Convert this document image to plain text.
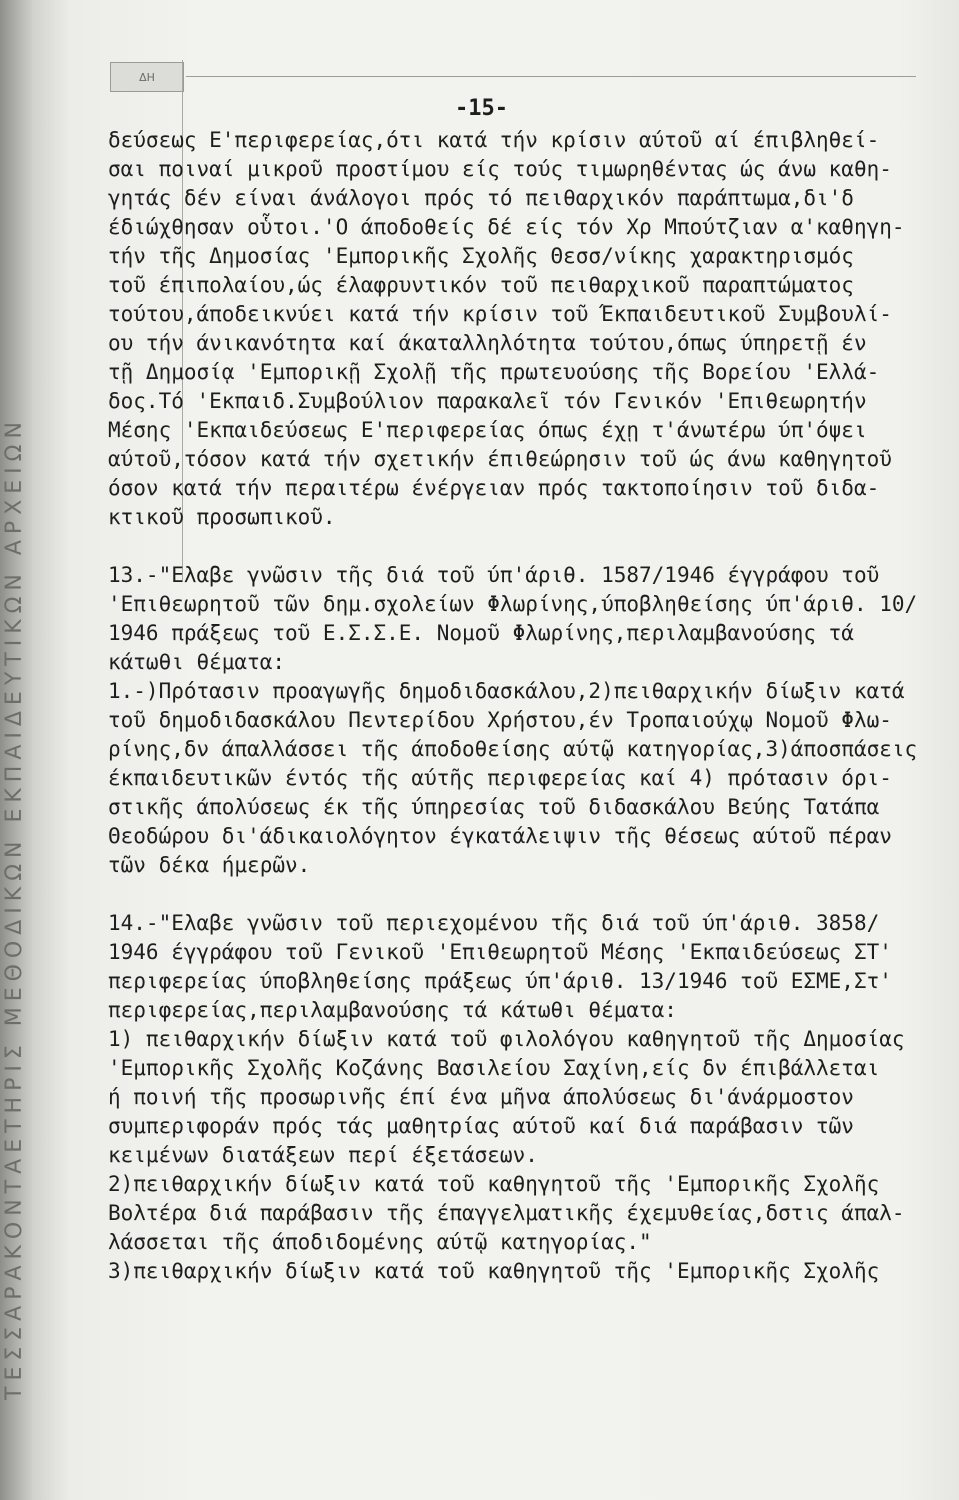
ΤΕΣΣΑΡΑΚΟΝΤΑΕΤΗΡΙΣ ΜΕΘΟΔΙΚΩΝ ΕΚΠΑΙΔΕΥΤΙΚΩΝ ΑΡΧΕΙΩΝ
ΔΗ
-15-
δεύσεως Ε'περιφερείας,ότι κατά τήν κρίσιν αύτοῦ αί έπιβληθεί-
σαι ποιναί μικροῦ προστίμου είς τούς τιμωρηθέντας ώς άνω καθη-
γητάς δέν είναι άνάλογοι πρός τό πειθαρχικόν παράπτωμα,δι'δ
έδιώχθησαν οὗτοι.'Ο άποδοθείς δέ είς τόν Χρ Μπούτζιαν α'καθηγη-
τήν τῆς Δημοσίας 'Εμπορικῆς Σχολῆς Θεσσ/νίκης χαρακτηρισμός
τοῦ έπιπολαίου,ώς έλαφρυντικόν τοῦ πειθαρχικοῦ παραπτώματος
τούτου,άποδεικνύει κατά τήν κρίσιν τοῦ Έκπαιδευτικοῦ Συμβουλί-
ου τήν άνικανότητα καί άκαταλληλότητα τούτου,όπως ύπηρετῇ έν
τῇ Δημοσίᾳ 'Εμπορικῇ Σχολῇ τῆς πρωτευούσης τῆς Βορείου 'Ελλά-
δος.Τό 'Εκπαιδ.Συμβούλιον παρακαλεῖ τόν Γενικόν 'Επιθεωρητήν
Μέσης 'Εκπαιδεύσεως Ε'περιφερείας όπως έχῃ τ'άνωτέρω ύπ'όψει
αύτοῦ,τόσον κατά τήν σχετικήν έπιθεώρησιν τοῦ ώς άνω καθηγητοῦ
όσον κατά τήν περαιτέρω ένέργειαν πρός τακτοποίησιν τοῦ διδα-
κτικοῦ προσωπικοῦ.
13.-"Ελαβε γνῶσιν τῆς διά τοῦ ύπ'άριθ. 1587/1946 έγγράφου τοῦ
'Επιθεωρητοῦ τῶν δημ.σχολείων Φλωρίνης,ύποβληθείσης ύπ'άριθ. 10/
1946 πράξεως τοῦ Ε.Σ.Σ.Ε. Νομοῦ Φλωρίνης,περιλαμβανούσης τά
κάτωθι θέματα:
1.-)Πρότασιν προαγωγῆς δημοδιδασκάλου,2)πειθαρχικήν δίωξιν κατά
τοῦ δημοδιδασκάλου Πεντερίδου Χρήστου,έν Τροπαιούχῳ Νομοῦ Φλω-
ρίνης,δν άπαλλάσσει τῆς άποδοθείσης αύτῷ κατηγορίας,3)άποσπάσεις
έκπαιδευτικῶν έντός τῆς αύτῆς περιφερείας καί 4) πρότασιν όρι-
στικῆς άπολύσεως έκ τῆς ύπηρεσίας τοῦ διδασκάλου Βεύης Τατάπα
Θεοδώρου δι'άδικαιολόγητον έγκατάλειψιν τῆς θέσεως αύτοῦ πέραν
τῶν δέκα ήμερῶν.
14.-"Ελαβε γνῶσιν τοῦ περιεχομένου τῆς διά τοῦ ύπ'άριθ. 3858/
1946 έγγράφου τοῦ Γενικοῦ 'Επιθεωρητοῦ Μέσης 'Εκπαιδεύσεως ΣΤ'
περιφερείας ύποβληθείσης πράξεως ύπ'άριθ. 13/1946 τοῦ ΕΣΜΕ,Στ'
περιφερείας,περιλαμβανούσης τά κάτωθι θέματα:
1) πειθαρχικήν δίωξιν κατά τοῦ φιλολόγου καθηγητοῦ τῆς Δημοσίας
'Εμπορικῆς Σχολῆς Κοζάνης Βασιλείου Σαχίνη,είς δν έπιβάλλεται
ή ποινή τῆς προσωρινῆς έπί ένα μῆνα άπολύσεως δι'άνάρμοστον
συμπεριφοράν πρός τάς μαθητρίας αύτοῦ καί διά παράβασιν τῶν
κειμένων διατάξεων περί έξετάσεων.
2)πειθαρχικήν δίωξιν κατά τοῦ καθηγητοῦ τῆς 'Εμπορικῆς Σχολῆς
Βολτέρα διά παράβασιν τῆς έπαγγελματικῆς έχεμυθείας,δστις άπαλ-
λάσσεται τῆς άποδιδομένης αύτῷ κατηγορίας."
3)πειθαρχικήν δίωξιν κατά τοῦ καθηγητοῦ τῆς 'Εμπορικῆς Σχολῆς
